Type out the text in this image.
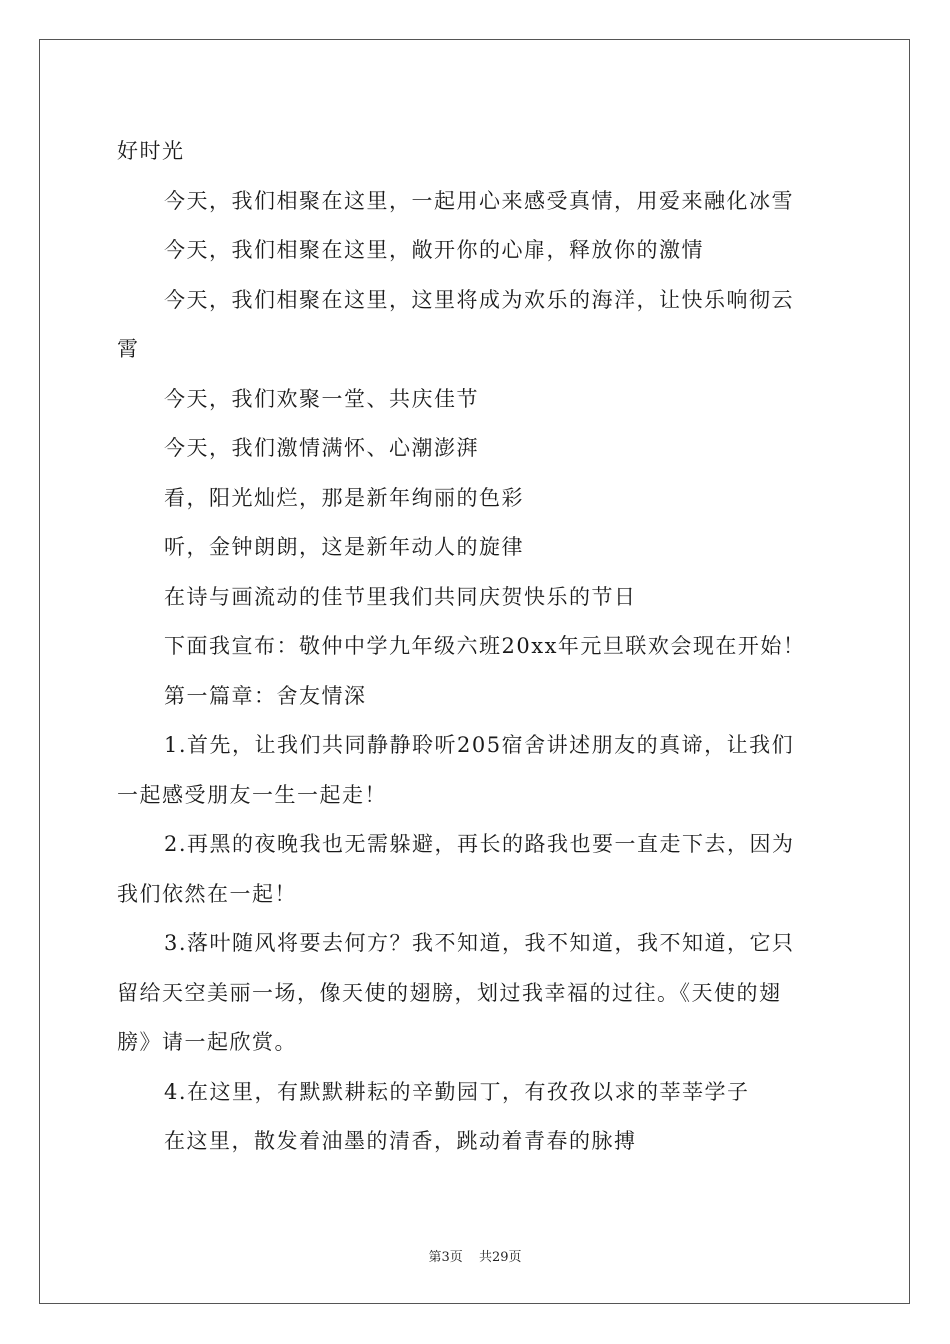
好时光
今天，我们相聚在这里，一起用心来感受真情，用爱来融化冰雪
今天，我们相聚在这里，敞开你的心扉，释放你的激情
今天，我们相聚在这里，这里将成为欢乐的海洋，让快乐响彻云
霄
今天，我们欢聚一堂、共庆佳节
今天，我们激情满怀、心潮澎湃
看，阳光灿烂，那是新年绚丽的色彩
听，金钟朗朗，这是新年动人的旋律
在诗与画流动的佳节里我们共同庆贺快乐的节日
下面我宣布：敬仲中学九年级六班20xx年元旦联欢会现在开始！
第一篇章：舍友情深
1.首先，让我们共同静静聆听205宿舍讲述朋友的真谛，让我们
一起感受朋友一生一起走！
2.再黑的夜晚我也无需躲避，再长的路我也要一直走下去，因为
我们依然在一起！
3.落叶随风将要去何方？我不知道，我不知道，我不知道，它只
留给天空美丽一场，像天使的翅膀，划过我幸福的过往。《天使的翅
膀》请一起欣赏。
4.在这里，有默默耕耘的辛勤园丁，有孜孜以求的莘莘学子
在这里，散发着油墨的清香，跳动着青春的脉搏
第3页 共29页
